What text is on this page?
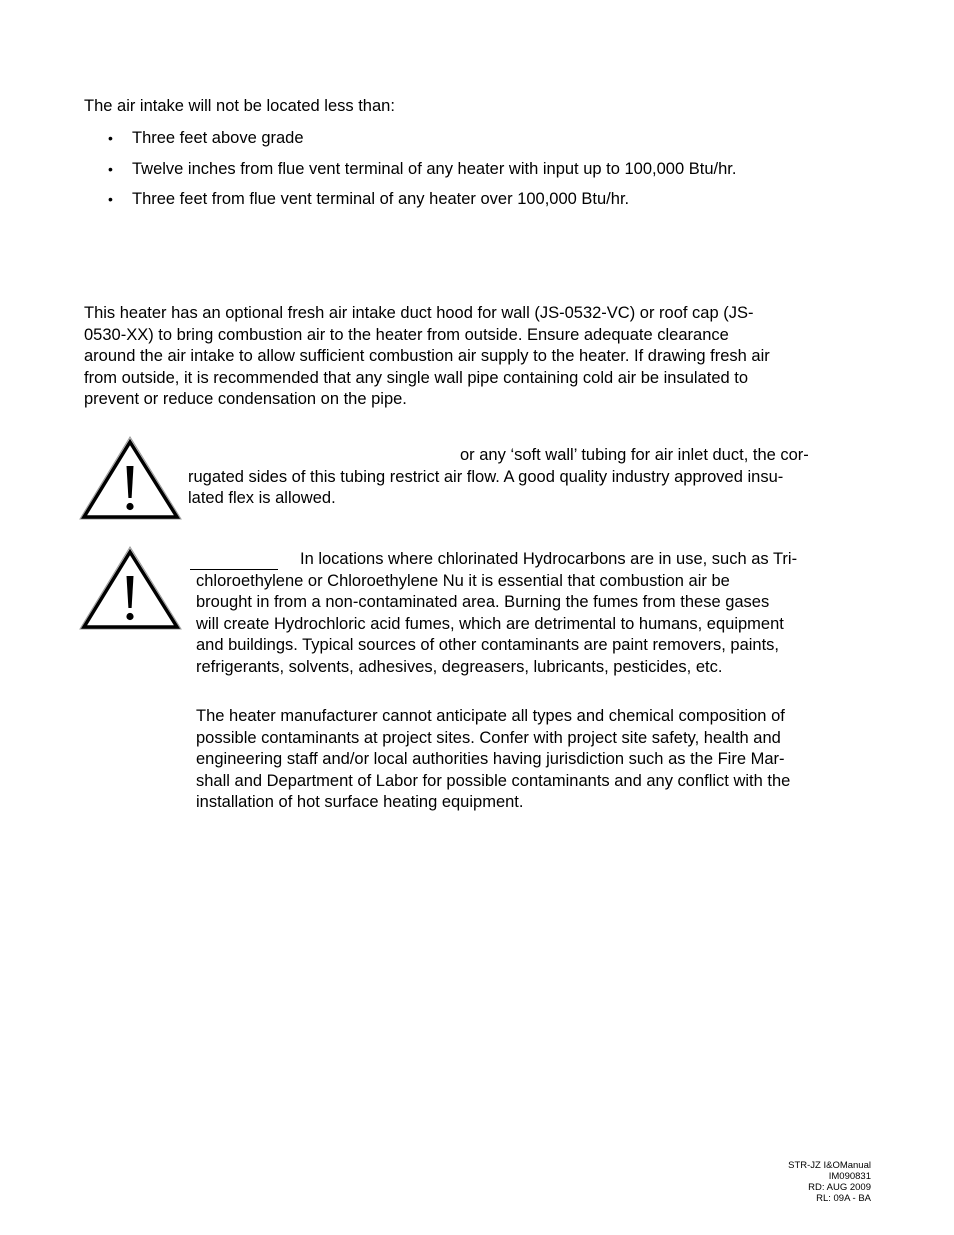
The air intake will not be located less than:
• Three feet above grade
• Twelve inches from flue vent terminal of any heater with input up to 100,000 Btu/hr.
• Three feet from flue vent terminal of any heater over 100,000 Btu/hr.
This heater has an optional fresh air intake duct hood for wall (JS-0532-VC) or roof cap (JS-
0530-XX) to bring combustion air to the heater from outside. Ensure adequate clearance
around the air intake to allow sufficient combustion air supply to the heater. If drawing fresh air
from outside, it is recommended that any single wall pipe containing cold air be insulated to
prevent or reduce condensation on the pipe.
or any ‘soft wall’ tubing for air inlet duct, the cor-
rugated sides of this tubing restrict air flow. A good quality industry approved insu-
lated flex is allowed.
In locations where chlorinated Hydrocarbons are in use, such as Tri-
chloroethylene or Chloroethylene Nu it is essential that combustion air be
brought in from a non-contaminated area. Burning the fumes from these gases
will create Hydrochloric acid fumes, which are detrimental to humans, equipment
and buildings. Typical sources of other contaminants are paint removers, paints,
refrigerants, solvents, adhesives, degreasers, lubricants, pesticides, etc.
The heater manufacturer cannot anticipate all types and chemical composition of
possible contaminants at project sites. Confer with project site safety, health and
engineering staff and/or local authorities having jurisdiction such as the Fire Mar-
shall and Department of Labor for possible contaminants and any conflict with the
installation of hot surface heating equipment.
STR-JZ I&OManual
IM090831
RD: AUG 2009
RL: 09A - BA
